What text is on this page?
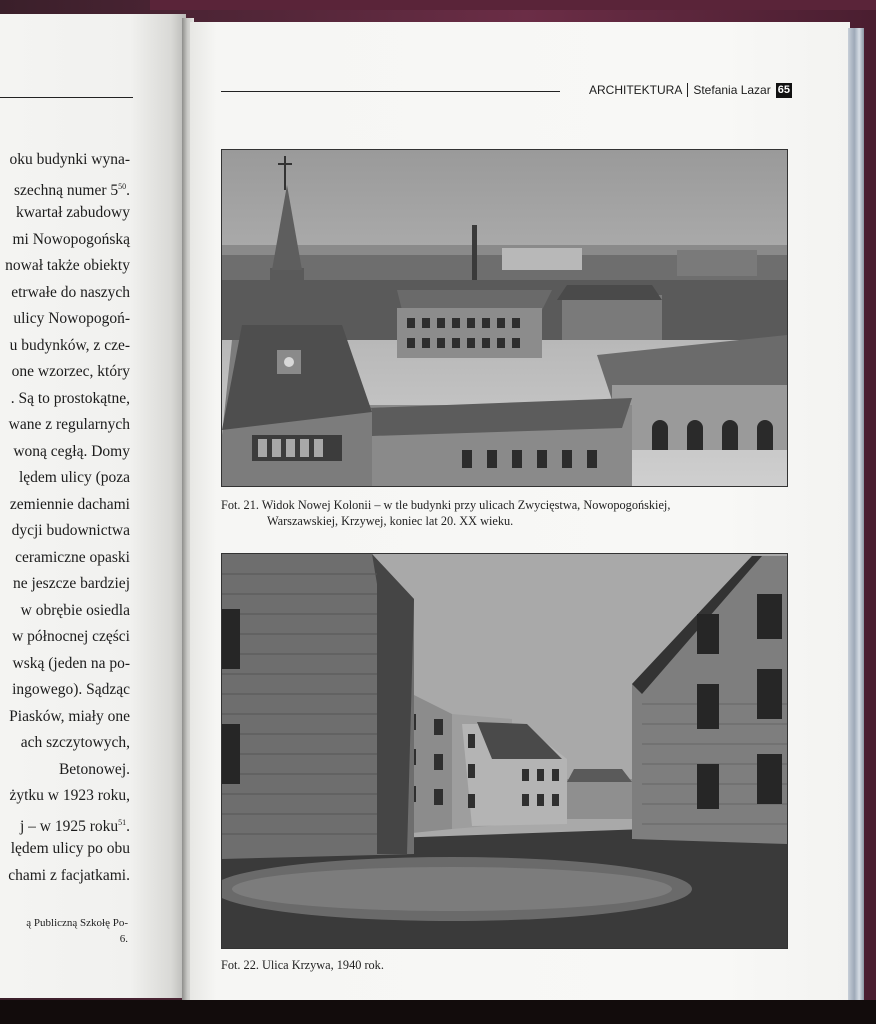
oku budynki wyna-
szechną numer $5^{50}$.
kwartał zabudowy
mi Nowopogońską
nował także obiekty
etrwałe do naszych
ulicy Nowopogoń-
u budynków, z cze-
one wzorzec, który
. Są to prostokątne,
wane z regularnych
woną cegłą. Domy
lędem ulicy (poza
zemiennie dachami
dycji budownictwa
ceramiczne opaski
ne jeszcze bardziej
w obrębie osiedla
w północnej części
wską (jeden na po-
ingowego). Sądząc
Piasków, miały one
ach szczytowych,
Betonowej.
żytku w 1923 roku,
j – w 1925 roku$^{51}$.
lędem ulicy po obu
chami z facjatkami.
ą Publiczną Szkołę Po-
6.
ARCHITEKTURA Stefania Lazar 65
Fot. 21. Widok Nowej Kolonii – w tle budynki przy ulicach Zwycięstwa, Nowopogońskiej,
Warszawskiej, Krzywej, koniec lat 20. XX wieku.
Fot. 22. Ulica Krzywa, 1940 rok.
